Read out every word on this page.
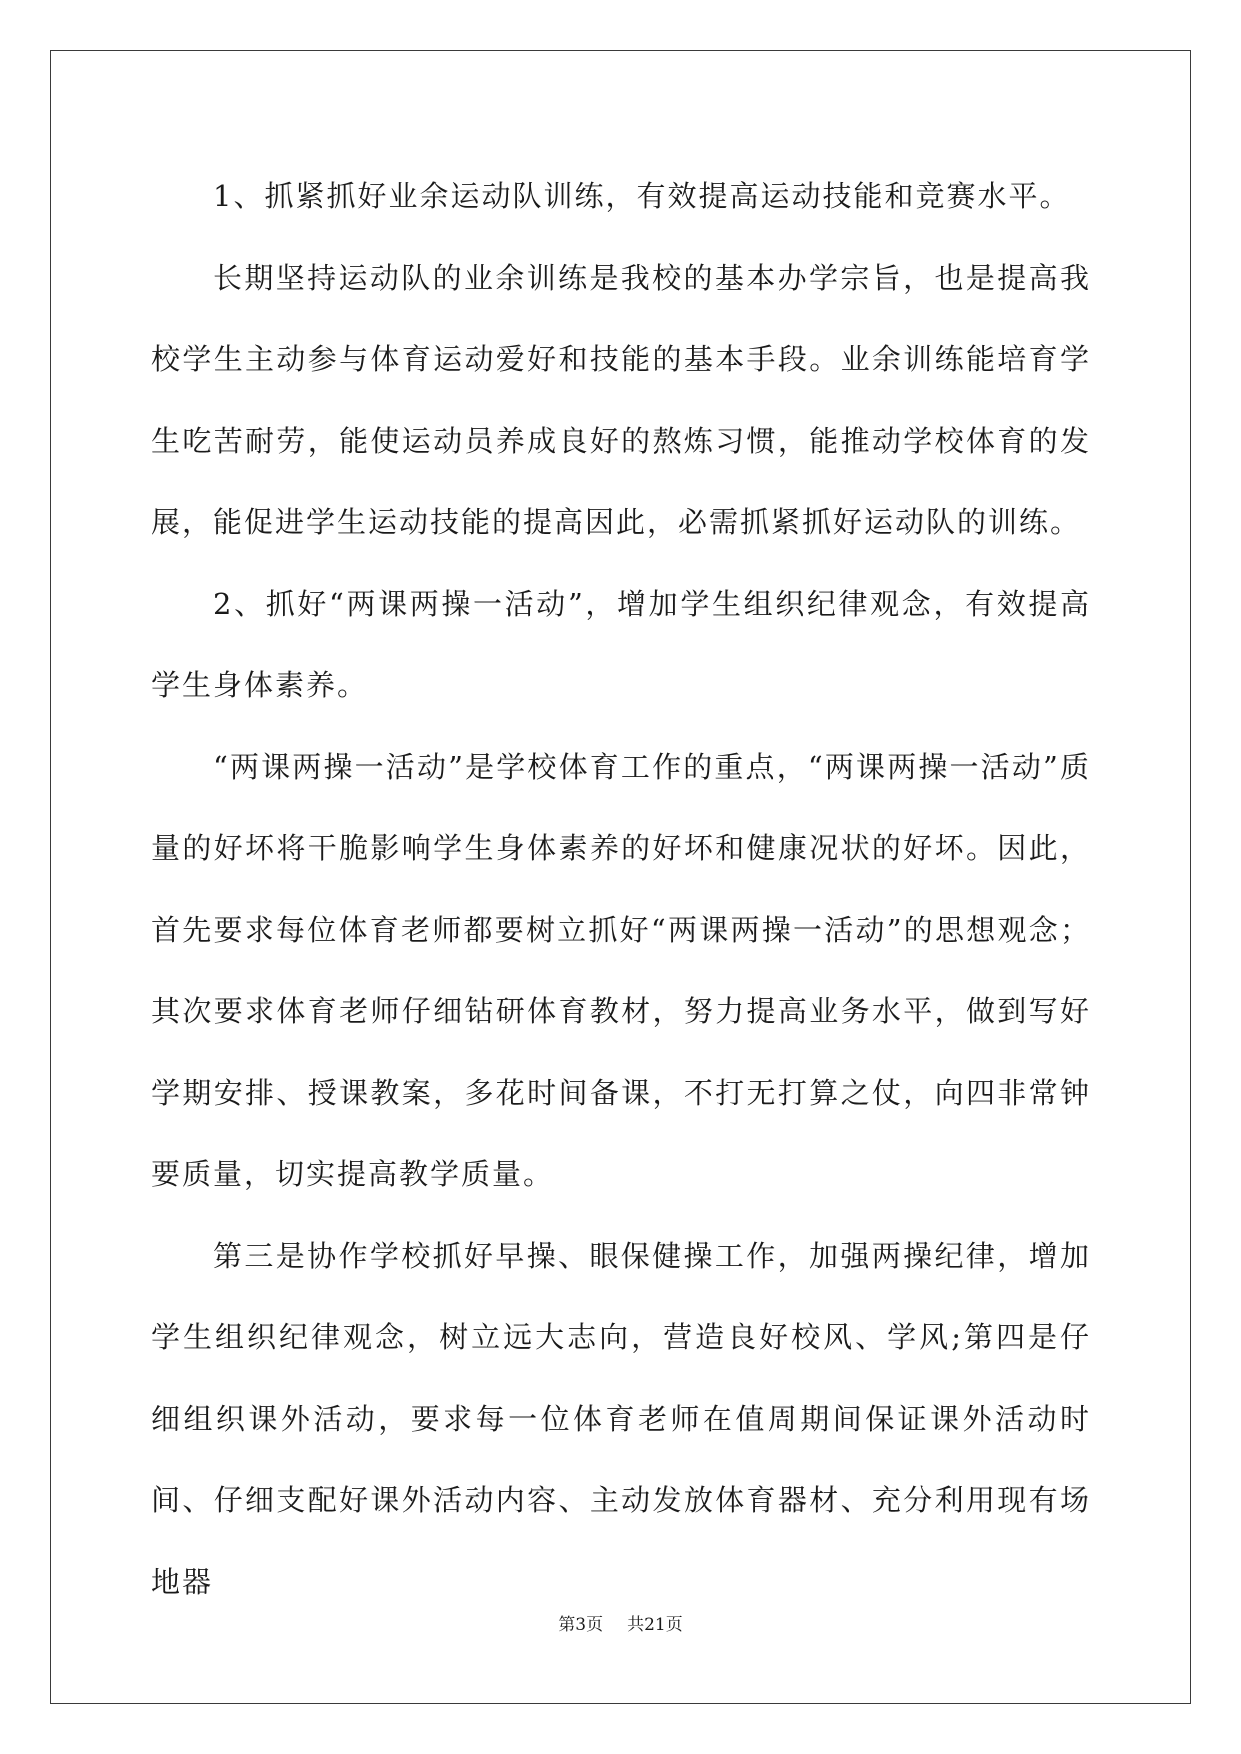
1、抓紧抓好业余运动队训练，有效提高运动技能和竞赛水平。

长期坚持运动队的业余训练是我校的基本办学宗旨，也是提高我校学生主动参与体育运动爱好和技能的基本手段。业余训练能培育学生吃苦耐劳，能使运动员养成良好的熬炼习惯，能推动学校体育的发展，能促进学生运动技能的提高因此，必需抓紧抓好运动队的训练。

2、抓好“两课两操一活动”，增加学生组织纪律观念，有效提高学生身体素养。

“两课两操一活动”是学校体育工作的重点，“两课两操一活动”质量的好坏将干脆影响学生身体素养的好坏和健康况状的好坏。因此，首先要求每位体育老师都要树立抓好“两课两操一活动”的思想观念；其次要求体育老师仔细钻研体育教材，努力提高业务水平，做到写好学期安排、授课教案，多花时间备课，不打无打算之仗，向四非常钟要质量，切实提高教学质量。

第三是协作学校抓好早操、眼保健操工作，加强两操纪律，增加学生组织纪律观念，树立远大志向，营造良好校风、学风;第四是仔细组织课外活动，要求每一位体育老师在值周期间保证课外活动时间、仔细支配好课外活动内容、主动发放体育器材、充分利用现有场地器

第3页 共21页
